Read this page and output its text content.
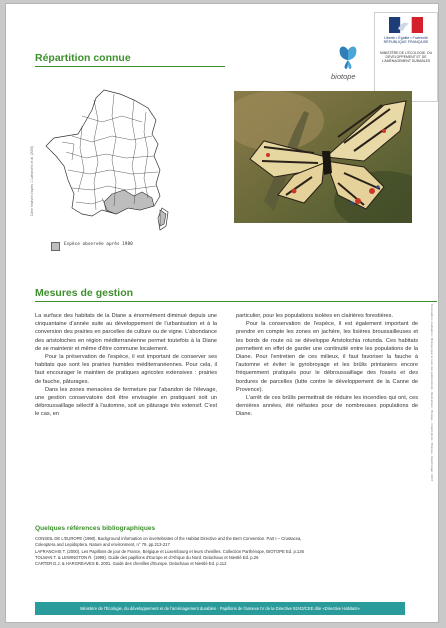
Répartition connue
biotope
Liberté • Égalité • Fraternité RÉPUBLIQUE FRANÇAISE
MINISTÈRE DE L'ÉCOLOGIE, DU DÉVELOPPEMENT ET DE L'AMÉNAGEMENT DURABLES
Carte réalisée d'après J. Lafranchis et al. (2000)
Espèce observée après 1980
Mesures de gestion

La surface des habitats de la Diane a énormément diminué depuis une cinquantaine d'année suite au développement de l'urbanisation et à la conversion des prairies en parcelles de culture ou de vigne. L'abondance des aristoloches en région méditerranéenne permet toutefois à la Diane de se maintenir et même d'être commune localement.

Pour la préservation de l'espèce, il est important de conserver ses habitats que sont les prairies humides méditerranéennes. Pour cela, il faut encourager le maintien de pratiques agricoles extensives : prairies de fauche, pâturages.

Dans les zones menacées de fermeture par l'abandon de l'élevage, une gestion conservatoire doit être envisagée en pratiquant soit un débroussaillage sélectif à l'automne, soit un pâturage très extensif. C'est le cas, en

particulier, pour les populations isolées en clairières forestières.

Pour la conservation de l'espèce, il est également important de prendre en compte les zones en jachère, les lisières broussailleuses et les bords de route où se développe Aristolochia rotunda. Ces habitats permettent en effet de garder une continuité entre les populations de la Diane. Pour l'entretien de ces milieux, il faut favoriser la fauche à l'automne et éviter le gyrobroyage et les brûlis printaniers encore fréquemment pratiqués pour le débroussaillage des fossés et des bordures de parcelles (lutte contre le développement de la Canne de Provence).

L'arrêt de ces brûlis permettrait de réduire les incendies qui ont, ces dernières années, été néfastes pour de nombreuses populations de Diane.	Conception, réalisation : Biotope (par le suivi des publications) - Illustrations : Biotope - Crédit photo : Biotope - Dépôt légal : 2007
Quelques références bibliographiques
CONSEIL DE L'EUROPE (1990). Background information on invertebrates of the Habitat Directive and the Bern Convention. Part I – Crustacea,
Coleoptera and Lepidoptera. Nature and environment, n° 79. pp.213-217
LAFRANCHIS T. (2000). Les Papillons de jour de France, Belgique et Luxembourg et leurs chenilles. Collection Parthénope, BIOTOPE Ed. p.136
TOLMAN T. & LEWINGTON R. (1999). Guide des papillons d'Europe et d'Afrique du Nord. Delachaux et Niestlé Ed. p.26
CARTER D.J. & HARGREAVES B. 2001. Guide des chenilles d'Europe. Delachaux et Niestlé Ed. p.112
Ministère de l'Écologie, du développement et de l'aménagement durables · Papillons de l'annexe IV de la Directive 92/43/CEE dite «Directive Habitats»
